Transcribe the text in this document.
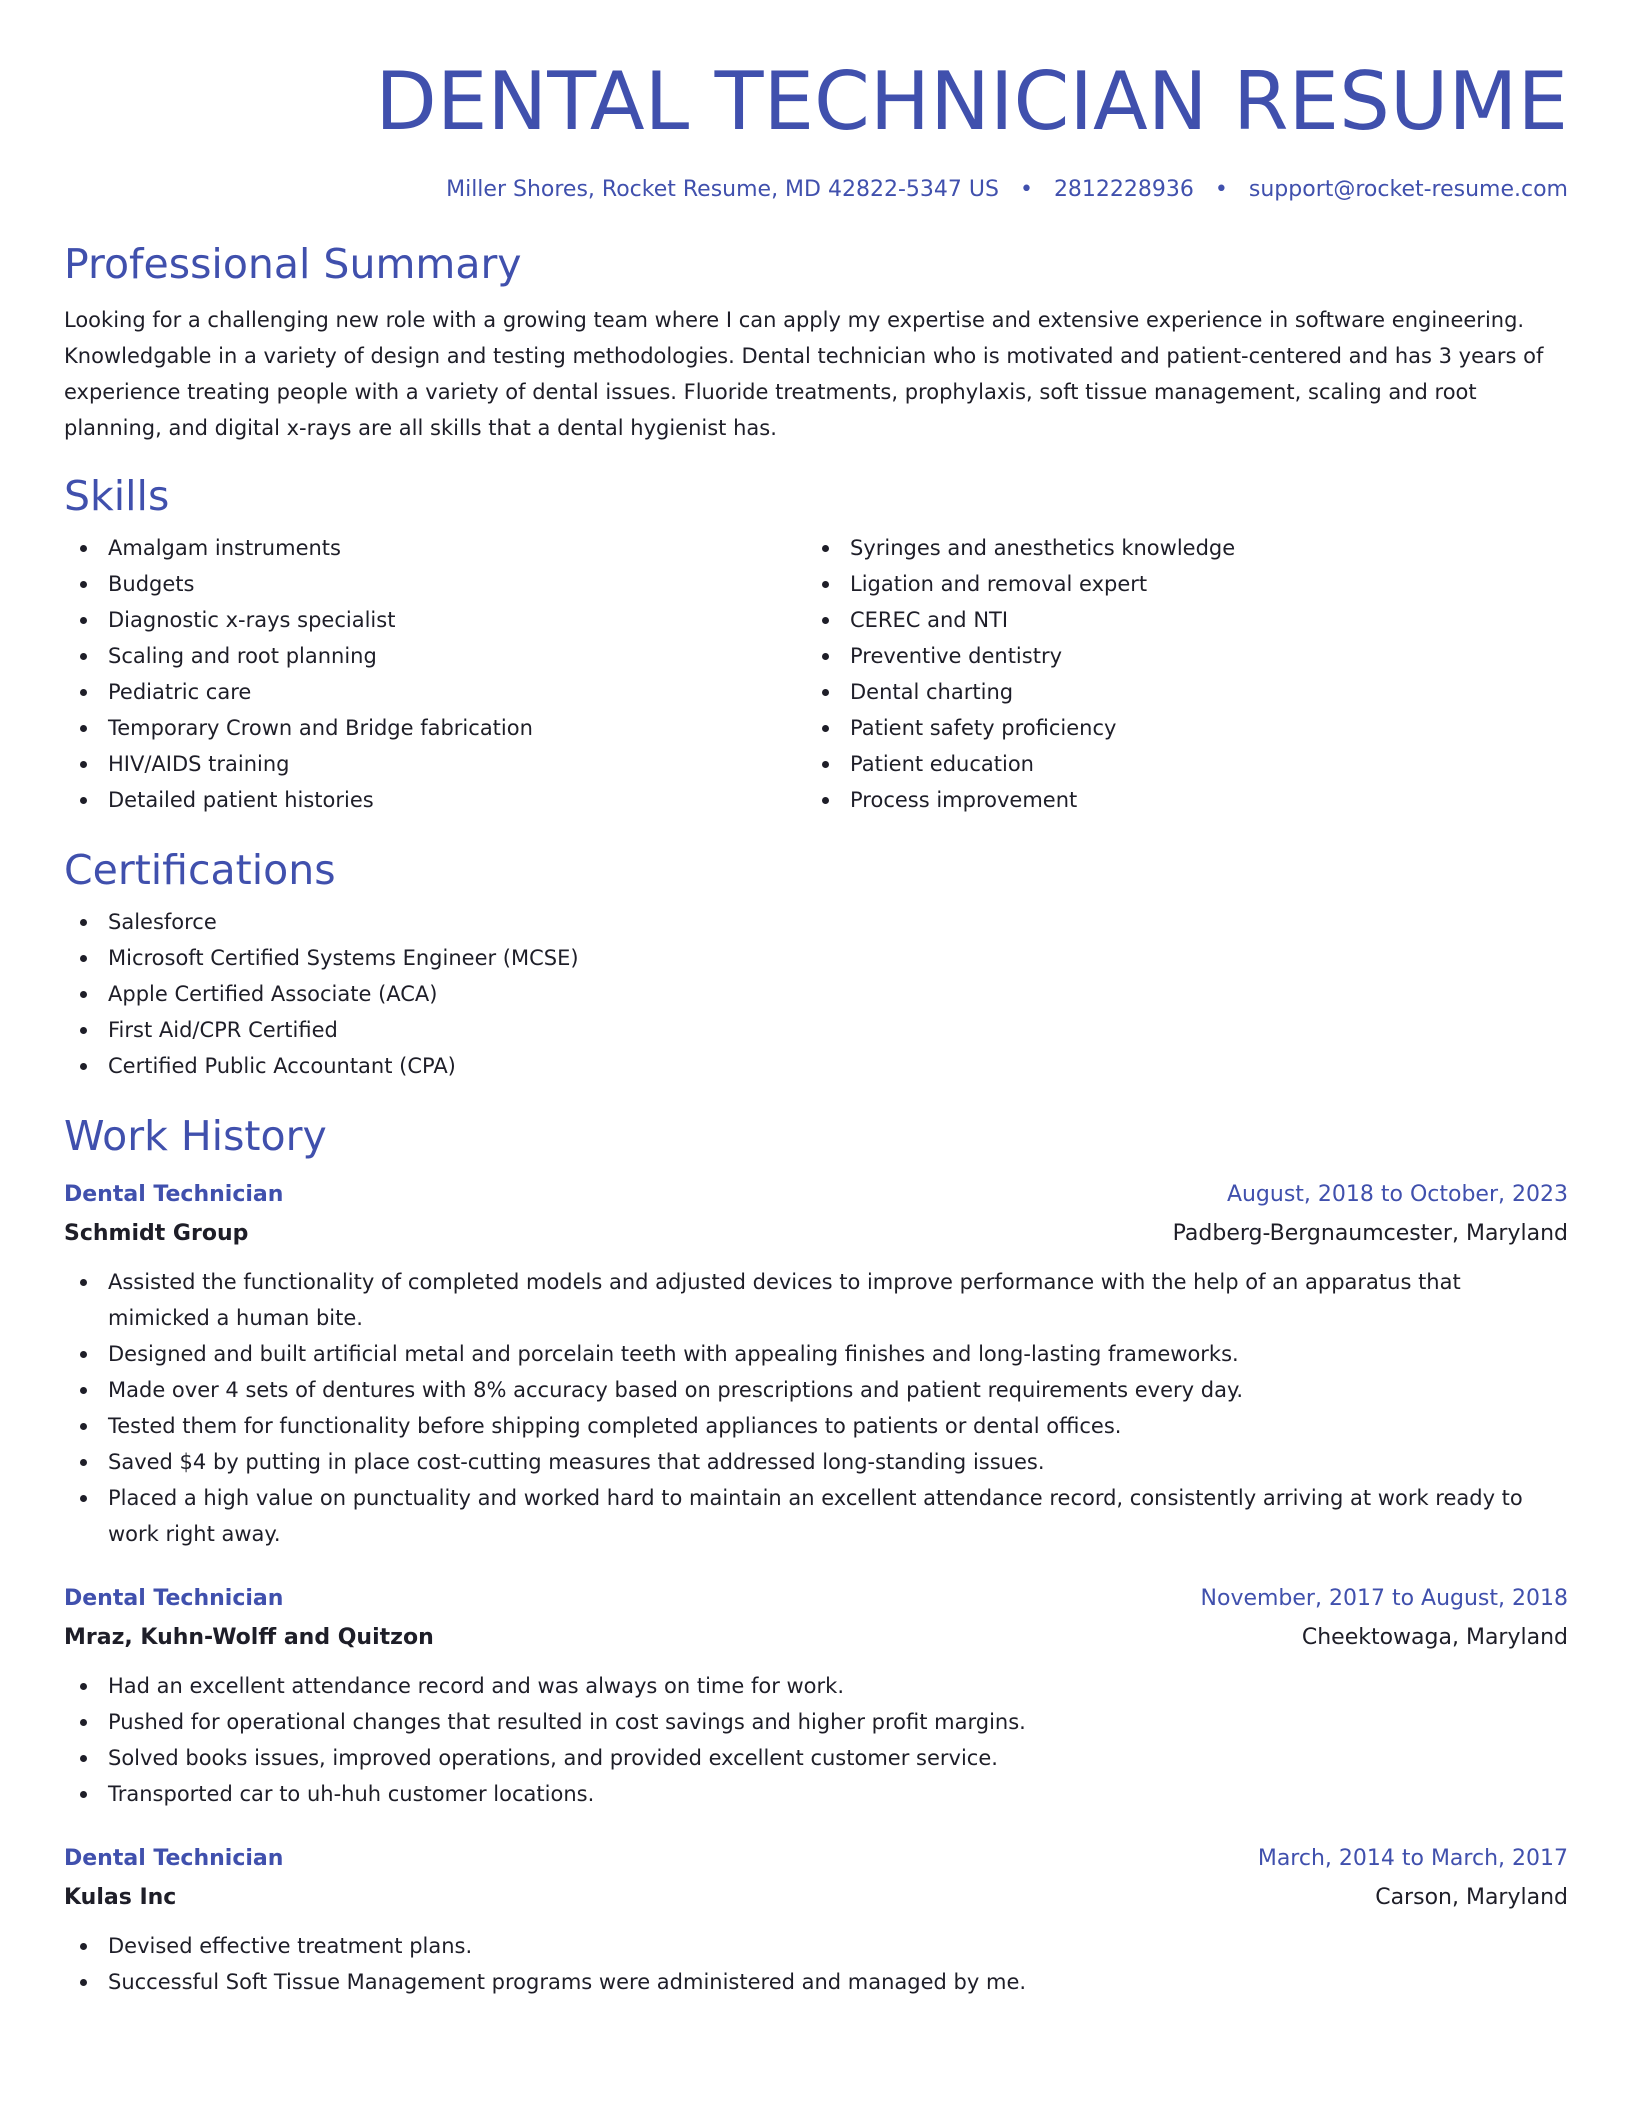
DENTAL TECHNICIAN RESUME
Miller Shores, Rocket Resume, MD 42822-5347 US • 2812228936 • support@rocket-resume.com
Professional Summary

Looking for a challenging new role with a growing team where I can apply my expertise and extensive experience in software engineering. Knowledgable in a variety of design and testing methodologies. Dental technician who is motivated and patient-centered and has 3 years of experience treating people with a variety of dental issues. Fluoride treatments, prophylaxis, soft tissue management, scaling and root planning, and digital x-rays are all skills that a dental hygienist has.

Skills
Amalgam instruments
Budgets
Diagnostic x-rays specialist
Scaling and root planning
Pediatric care
Temporary Crown and Bridge fabrication
HIV/AIDS training
Detailed patient histories
Syringes and anesthetics knowledge
Ligation and removal expert
CEREC and NTI
Preventive dentistry
Dental charting
Patient safety proficiency
Patient education
Process improvement
Certifications
Salesforce
Microsoft Certified Systems Engineer (MCSE)
Apple Certified Associate (ACA)
First Aid/CPR Certified
Certified Public Accountant (CPA)
Work History
Dental Technician	August, 2018 to October, 2023
Schmidt Group	Padberg-Bergnaumcester, Maryland
Assisted the functionality of completed models and adjusted devices to improve performance with the help of an apparatus that mimicked a human bite.
Designed and built artificial metal and porcelain teeth with appealing finishes and long-lasting frameworks.
Made over 4 sets of dentures with 8% accuracy based on prescriptions and patient requirements every day.
Tested them for functionality before shipping completed appliances to patients or dental offices.
Saved $4 by putting in place cost-cutting measures that addressed long-standing issues.
Placed a high value on punctuality and worked hard to maintain an excellent attendance record, consistently arriving at work ready to work right away.
Dental Technician	November, 2017 to August, 2018
Mraz, Kuhn-Wolff and Quitzon	Cheektowaga, Maryland
Had an excellent attendance record and was always on time for work.
Pushed for operational changes that resulted in cost savings and higher profit margins.
Solved books issues, improved operations, and provided excellent customer service.
Transported car to uh-huh customer locations.
Dental Technician	March, 2014 to March, 2017
Kulas Inc	Carson, Maryland
Devised effective treatment plans.
Successful Soft Tissue Management programs were administered and managed by me.
